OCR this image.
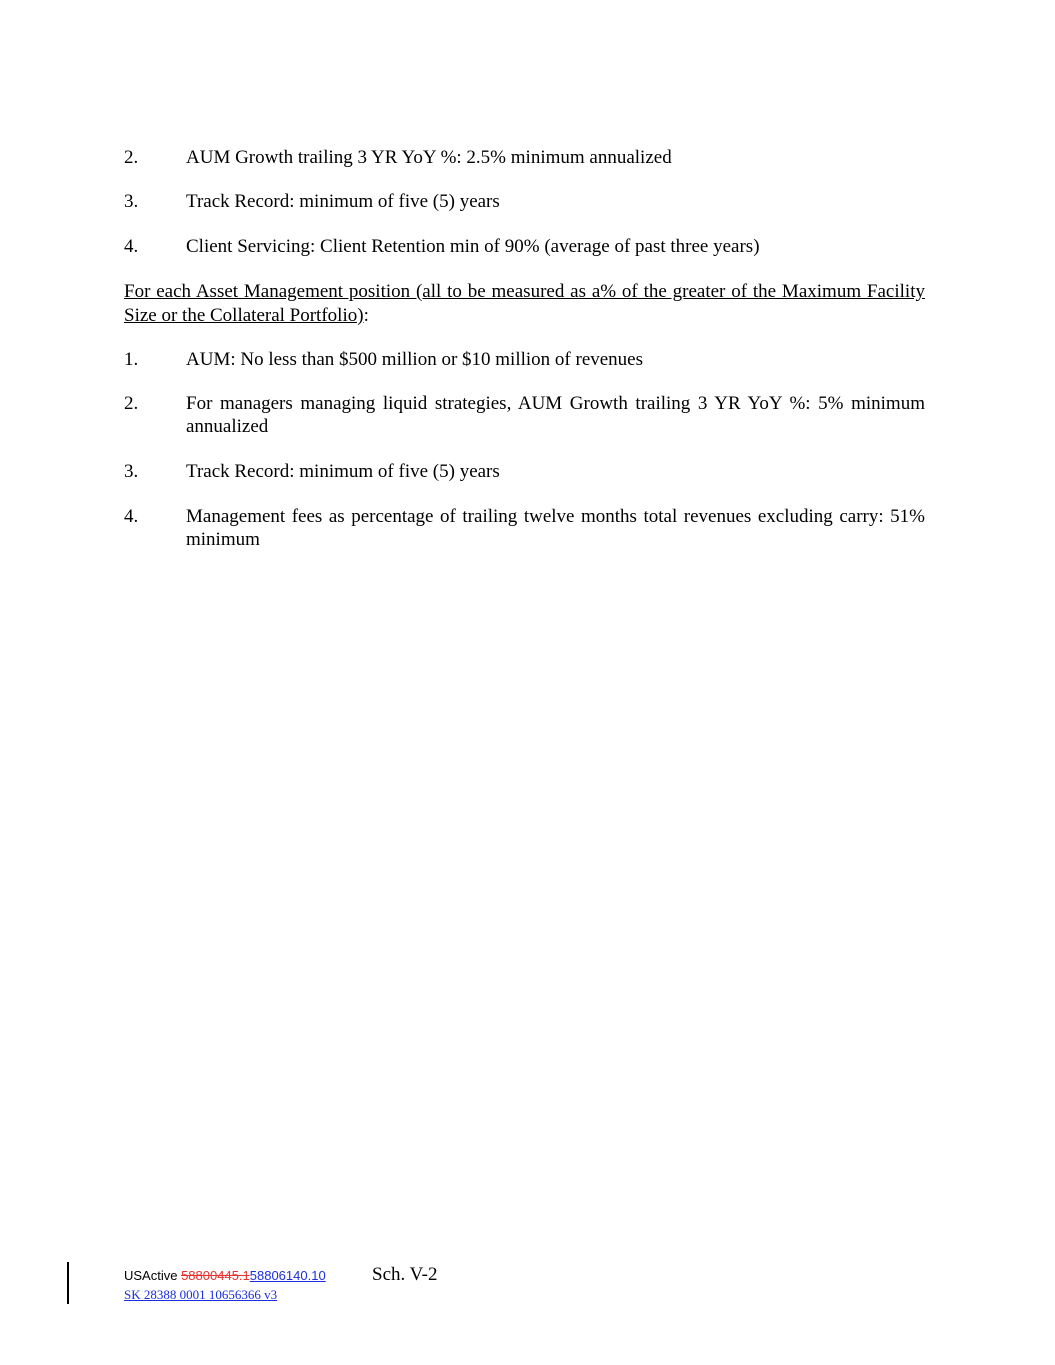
2.	AUM Growth trailing 3 YR YoY %: 2.5% minimum annualized
3.	Track Record: minimum of five (5) years
4.	Client Servicing: Client Retention min of 90% (average of past three years)
For each Asset Management position (all to be measured as a% of the greater of the Maximum Facility Size or the Collateral Portfolio):
1.	AUM: No less than $500 million or $10 million of revenues
2.	For managers managing liquid strategies, AUM Growth trailing 3 YR YoY %: 5% minimum annualized
3.	Track Record: minimum of five (5) years
4.	Management fees as percentage of trailing twelve months total revenues excluding carry: 51% minimum
USActive 58800445.158806140.10 Sch. V-2
SK 28388 0001 10656366 v3
